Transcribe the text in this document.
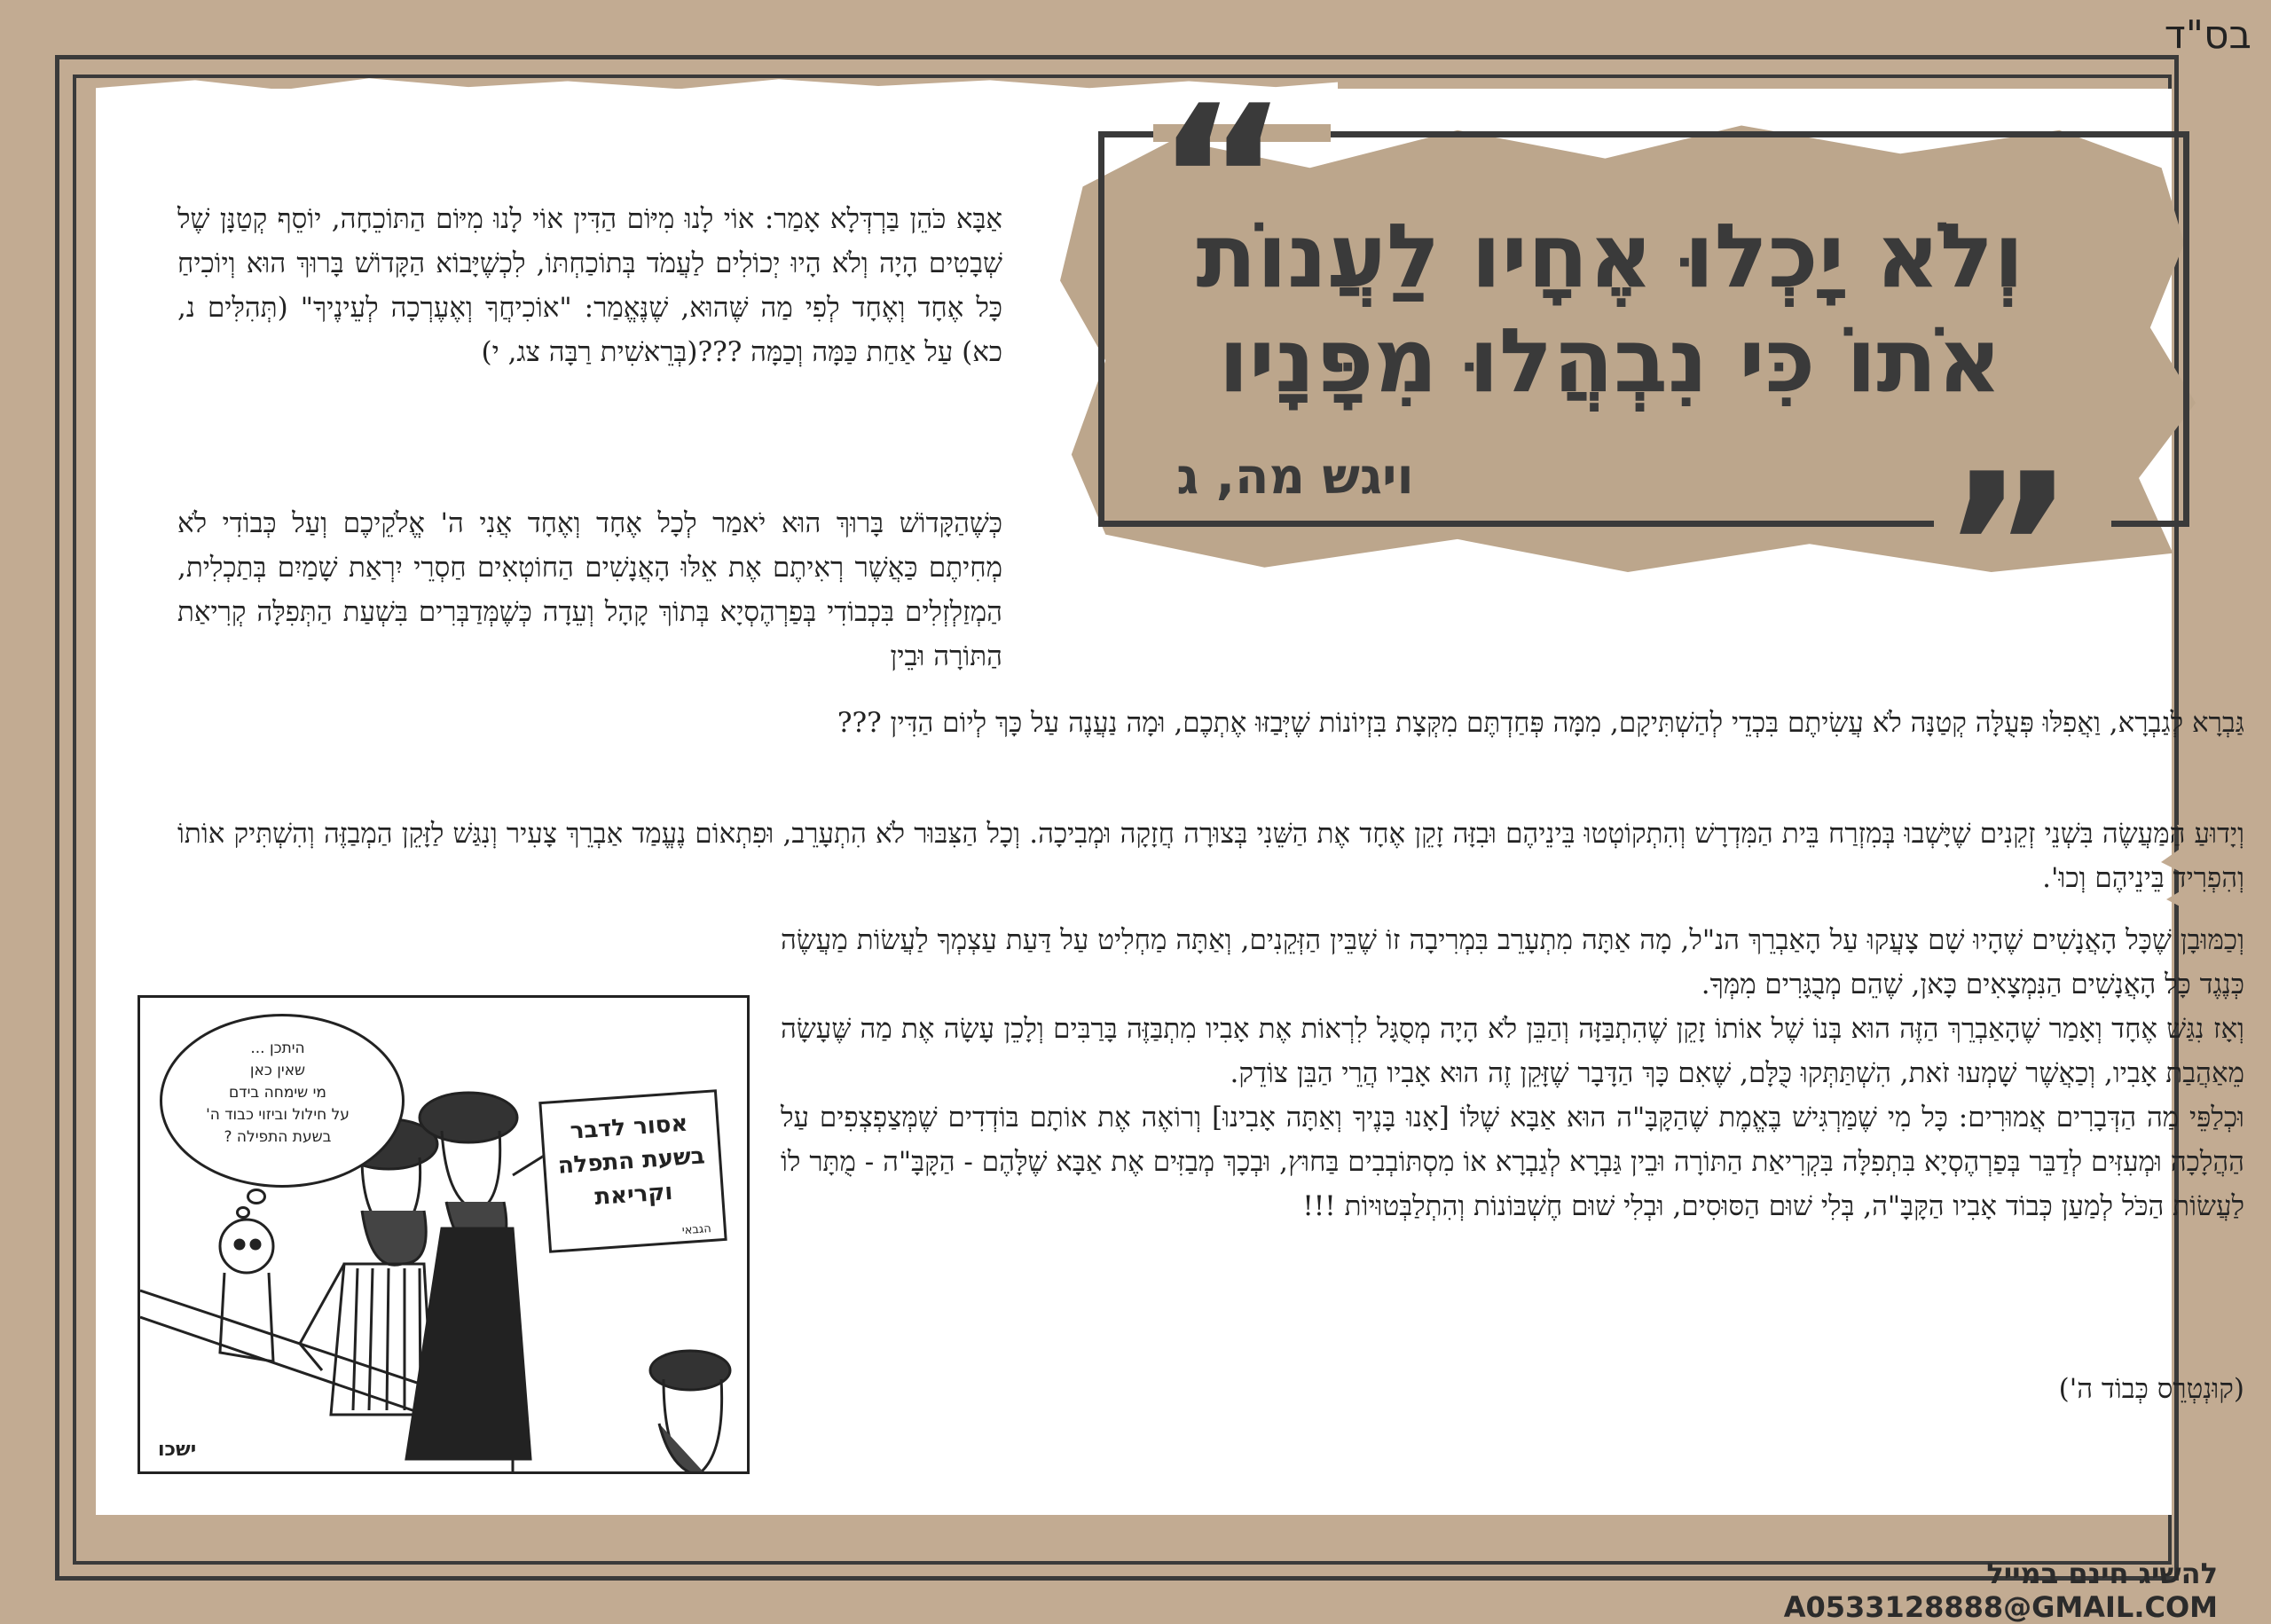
בס"ד
“
”
וְלֹא יָכְלוּ אֶחָיו לַעֲנוֹת
אֹתוֹ כִּי נִבְהֲלוּ מִפָּנָיו
ויגש מה, ג

אַבָּא כֹּהֵן בַּרְדְּלָא אָמַר: אוֹי לָנוּ מִיּוֹם הַדִּין אוֹי לָנוּ מִיּוֹם הַתּוֹכֵחָה, יוֹסֵף קְטַנָּן שֶׁל שְׁבָטִים הָיָה וְלֹא הָיוּ יְכוֹלִים לַעֲמֹד בְּתוֹכַחְתּוֹ, לִכְשֶׁיָּבוֹא הַקָּדוֹשׁ בָּרוּךְ הוּא וְיוֹכִיחַ כָּל אֶחָד וְאֶחָד לְפִי מַה שֶּׁהוּא, שֶׁנֶּאֱמַר: "אוֹכִיחֲךָ וְאֶעֶרְכָה לְעֵינֶיךָ" (תְּהִלִּים נ, כא) עַל אַחַת כַּמָּה וְכַמָּה ???(בְּרֵאשִׁית רַבָּה צג, י)

כְּשֶׁהַקָּדוֹשׁ בָּרוּךְ הוּא יֹאמַר לְכָל אֶחָד וְאֶחָד אֲנִי ה' אֱלֹקֵיכֶם וְעַל כְּבוֹדִי לֹא מְחִיתֶם כַּאֲשֶׁר רְאִיתֶם אֶת אֵלּוּ הָאֲנָשִׁים הַחוֹטְאִים חַסְרֵי יִרְאַת שָׁמַיִם בְּתַכְלִית, הַמְזַלְזְלִים בִּכְבוֹדִי בְּפַרְהֶסְיָא בְּתוֹךְ קָהָל וְעֵדָה כְּשֶׁמְּדַבְּרִים בִּשְׁעַת הַתְּפִלָּה קְרִיאַת הַתּוֹרָה וּבֵין

גַּבְרָא לְגַבְרָא, וַאֲפִלּוּ פְּעֻלָּה קְטַנָּה לֹא עֲשִׂיתֶם בִּכְדֵי לְהַשְׁתִּיקָם, מִמָּה פְּחַדְתֶּם מִקְּצָת בִּזְיוֹנוֹת שֶׁיְּבַזּוּ אֶתְכֶם, וּמָה נַעֲנֶה עַל כָּךְ לְיוֹם הַדִּין ???

וְיָדוּעַ הַמַּעֲשֶׂה בִּשְׁנֵי זְקֵנִים שֶׁיָּשְׁבוּ בְּמִזְרַח בֵּית הַמִּדְרָשׁ וְהִתְקוֹטְטוּ בֵּינֵיהֶם וּבִזָּה זָקֵן אֶחָד אֶת הַשֵּׁנִי בְּצוּרָה חֲזָקָה וּמְבִיכָה. וְכָל הַצִּבּוּר לֹא הִתְעָרֵב, וּפִתְאוֹם נֶעֱמַד אַבְרֵךְ צָעִיר וְנִגַּשׁ לַזָּקֵן הַמְבַזֶּה וְהִשְׁתִּיק אוֹתוֹ וְהִפְרִיד בֵּינֵיהֶם וְכוּ'.

וְכַמּוּבָן שֶׁכָּל הָאֲנָשִׁים שֶׁהָיוּ שָׁם צָעֲקוּ עַל הָאַבְרֵךְ הנ"ל, מָה אַתָּה מִתְעָרֵב בִּמְרִיבָה זוֹ שֶׁבֵּין הַזְּקֵנִים, וְאַתָּה מַחְלִיט עַל דַּעַת עַצְמְךָ לַעֲשׂוֹת מַעֲשֶׂה כְּנֶגֶד כָּל הָאֲנָשִׁים הַנִּמְצָאִים כָּאן, שֶׁהֵם מְבֻגָּרִים מִמְּךָ.

וְאָז נִגַּשׁ אֶחָד וְאָמַר שֶׁהָאַבְרֵךְ הַזֶּה הוּא בְּנוֹ שֶׁל אוֹתוֹ זָקֵן שֶׁהִתְבַּזָּה וְהַבֵּן לֹא הָיָה מְסֻגָּל לִרְאוֹת אֶת אָבִיו מִתְבַּזֶּה בָּרַבִּים וְלָכֵן עָשָׂה אֶת מַה שֶּׁעָשָׂה מֵאַהֲבַת אָבִיו, וְכַאֲשֶׁר שָׁמְעוּ זֹאת, הִשְׁתַּתְּקוּ כֻּלָּם, שֶׁאִם כָּךְ הַדָּבָר שֶׁזָּקֵן זֶה הוּא אָבִיו הֲרֵי הַבֵּן צוֹדֵק.

וּכְלַפֵּי מַה הַדְּבָרִים אֲמוּרִים: כָּל מִי שֶׁמַּרְגִּישׁ בֶּאֱמֶת שֶׁהַקָּבָּ"ה הוּא אַבָּא שֶׁלּוֹ [אָנוּ בָּנֶיךָ וְאַתָּה אָבִינוּ] וְרוֹאֶה אֶת אוֹתָם בּוֹדְדִים שֶׁמְּצַפְצְפִים עַל הַהֲלָכָה וּמְעִזִּים לְדַבֵּר בְּפַרְהֶסְיָא בִּתְפִלָּה בִּקְרִיאַת הַתּוֹרָה וּבֵין גַּבְרָא לְגַבְרָא אוֹ מִסְתּוֹבְבִים בַּחוּץ, וּבְכָךְ מְבַזִּים אֶת אַבָּא שֶׁלָּהֶם - הַקָּבָּ"ה - מֻתָּר לוֹ לַעֲשׂוֹת הַכֹּל לְמַעַן כְּבוֹד אָבִיו הַקָּבָּ"ה, בְּלִי שׁוּם הַסּוּסִים, וּבְלִי שׁוּם חֶשְׁבּוֹנוֹת וְהִתְלַבְּטוּיוֹת !!!

(קוּנְטְרֵס כְּבוֹד ה')
היתכן ...
שאין כאן
מי שימחה בידם
על חילול וביזוי כבוד ה'
בשעת התפילה ?	אסור לדבר
בשעת התפלה
וקריאת
הגבאי
ישכו
להשיג חינם במייל A0533128888@GMAIL.COM
